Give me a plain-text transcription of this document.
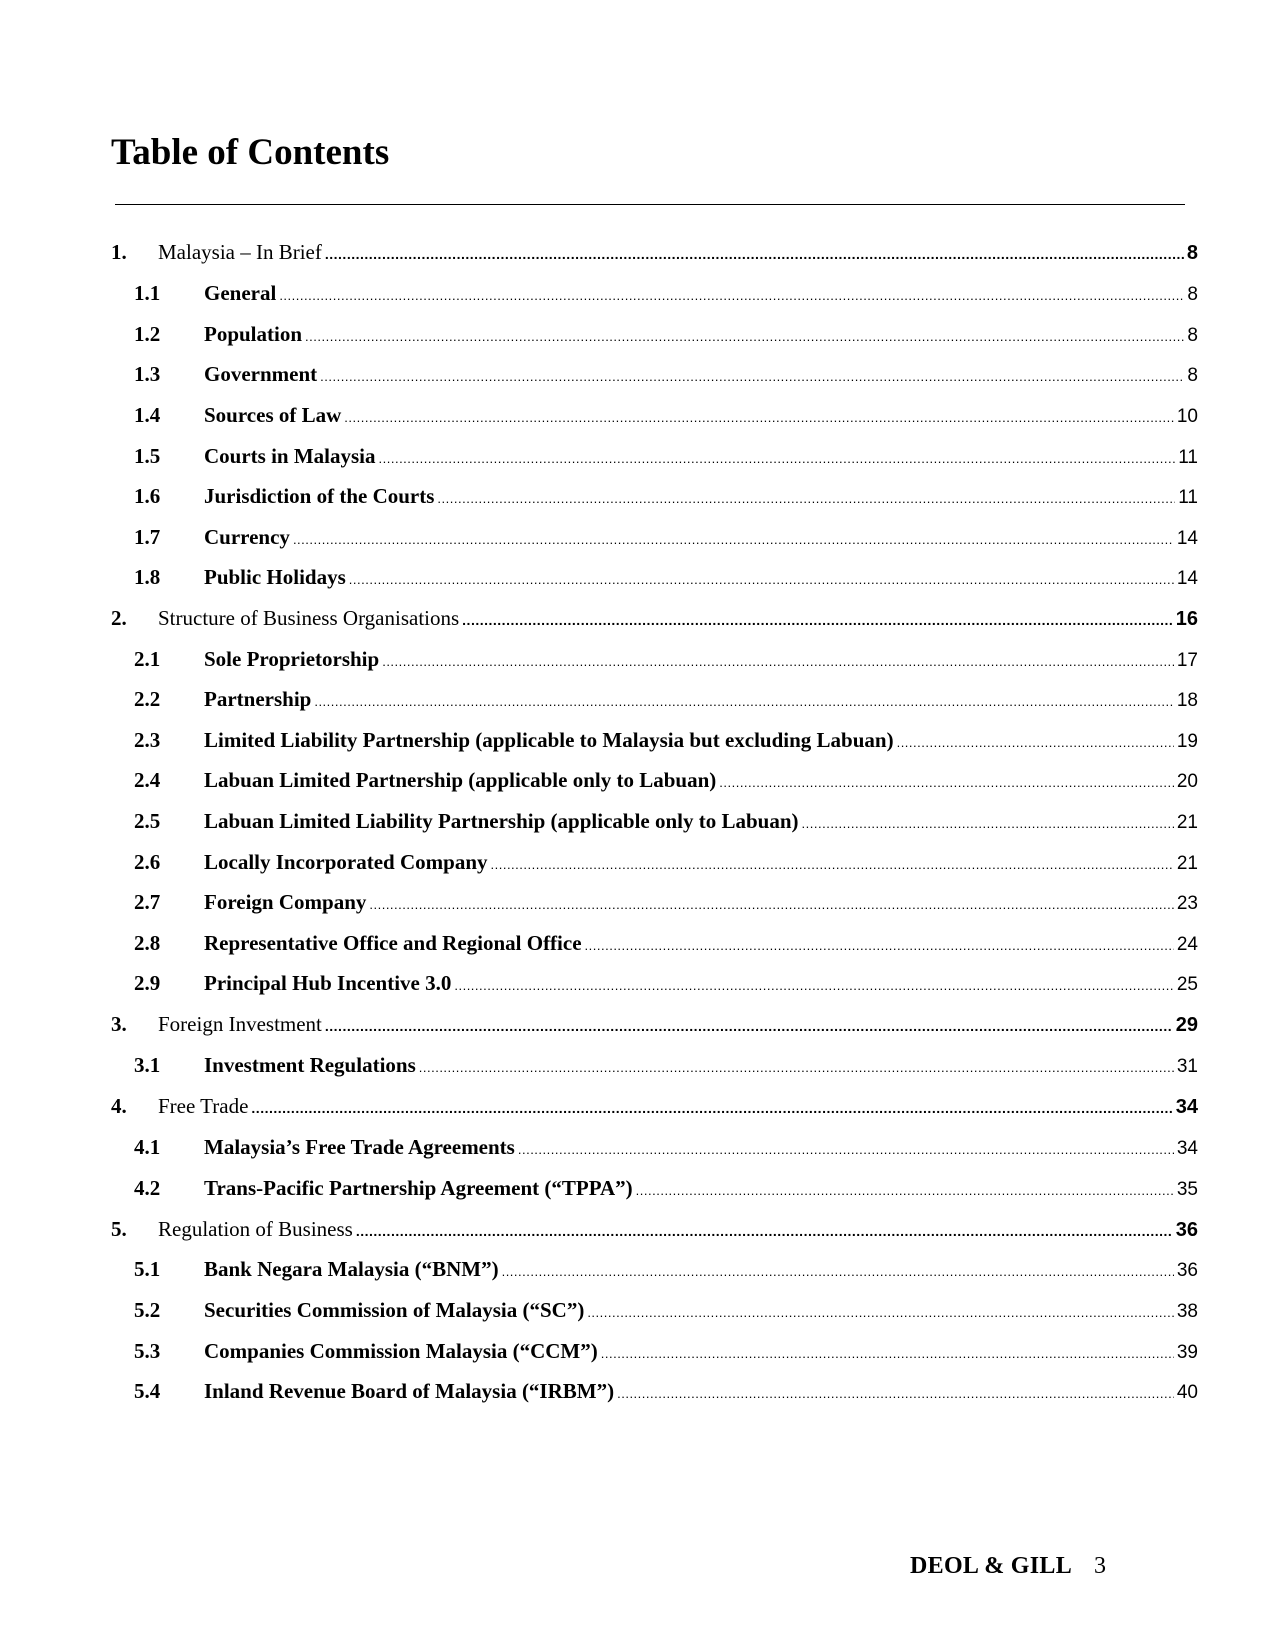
Table of Contents
1.	Malaysia – In Brief .....	8
1.1	General .....	8
1.2	Population .....	8
1.3	Government .....	8
1.4	Sources of Law .....	10
1.5	Courts in Malaysia .....	11
1.6	Jurisdiction of the Courts .....	11
1.7	Currency .....	14
1.8	Public Holidays .....	14
2.	Structure of Business Organisations .....	16
2.1	Sole Proprietorship .....	17
2.2	Partnership .....	18
2.3	Limited Liability Partnership (applicable to Malaysia but excluding Labuan) .....	19
2.4	Labuan Limited Partnership (applicable only to Labuan) .....	20
2.5	Labuan Limited Liability Partnership (applicable only to Labuan) .....	21
2.6	Locally Incorporated Company .....	21
2.7	Foreign Company .....	23
2.8	Representative Office and Regional Office .....	24
2.9	Principal Hub Incentive 3.0 .....	25
3.	Foreign Investment .....	29
3.1	Investment Regulations .....	31
4.	Free Trade .....	34
4.1	Malaysia’s Free Trade Agreements .....	34
4.2	Trans-Pacific Partnership Agreement (“TPPA”) .....	35
5.	Regulation of Business .....	36
5.1	Bank Negara Malaysia (“BNM”) .....	36
5.2	Securities Commission of Malaysia (“SC”) .....	38
5.3	Companies Commission Malaysia (“CCM”) .....	39
5.4	Inland Revenue Board of Malaysia (“IRBM”) .....	40
DEOL & GILL 3
